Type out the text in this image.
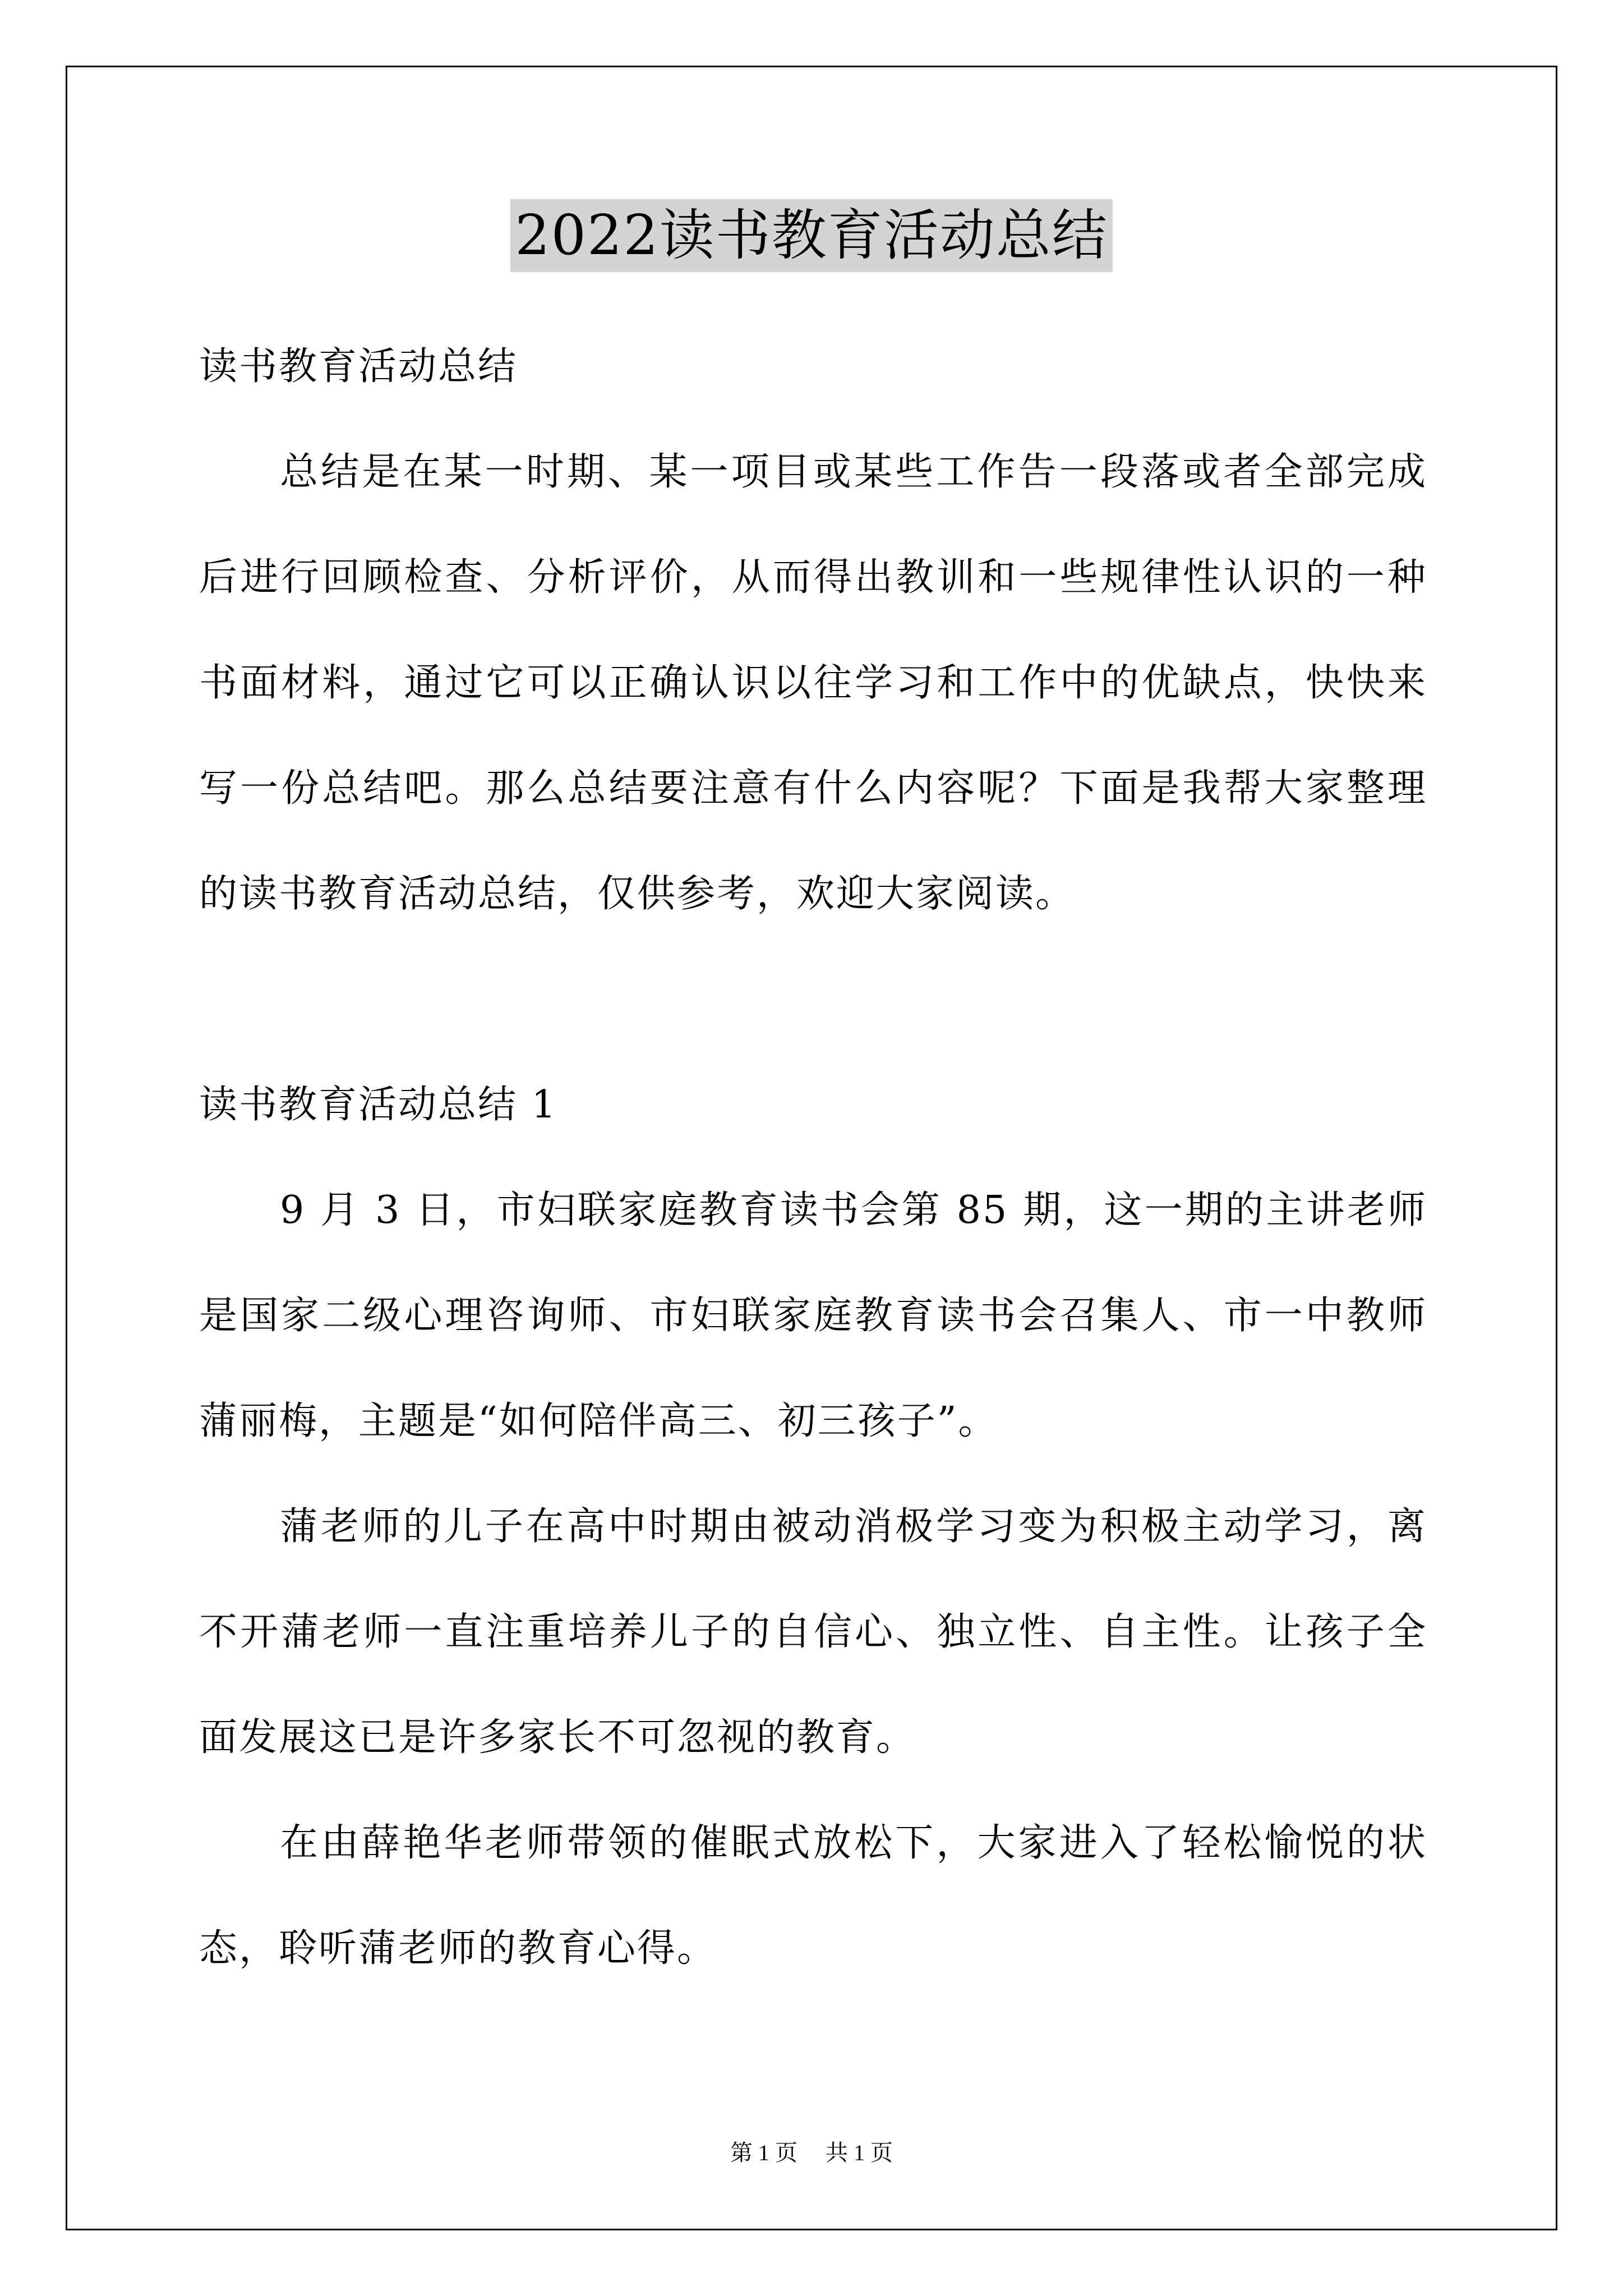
2022读书教育活动总结

读书教育活动总结

总结是在某一时期、某一项目或某些工作告一段落或者全部完成后进行回顾检查、分析评价，从而得出教训和一些规律性认识的一种书面材料，通过它可以正确认识以往学习和工作中的优缺点，快快来写一份总结吧。那么总结要注意有什么内容呢？下面是我帮大家整理的读书教育活动总结，仅供参考，欢迎大家阅读。

读书教育活动总结 1

9 月 3 日，市妇联家庭教育读书会第 85 期，这一期的主讲老师是国家二级心理咨询师、市妇联家庭教育读书会召集人、市一中教师蒲丽梅，主题是“如何陪伴高三、初三孩子”。

蒲老师的儿子在高中时期由被动消极学习变为积极主动学习，离不开蒲老师一直注重培养儿子的自信心、独立性、自主性。让孩子全面发展这已是许多家长不可忽视的教育。

在由薛艳华老师带领的催眠式放松下，大家进入了轻松愉悦的状态，聆听蒲老师的教育心得。

第 1 页 共 1 页
